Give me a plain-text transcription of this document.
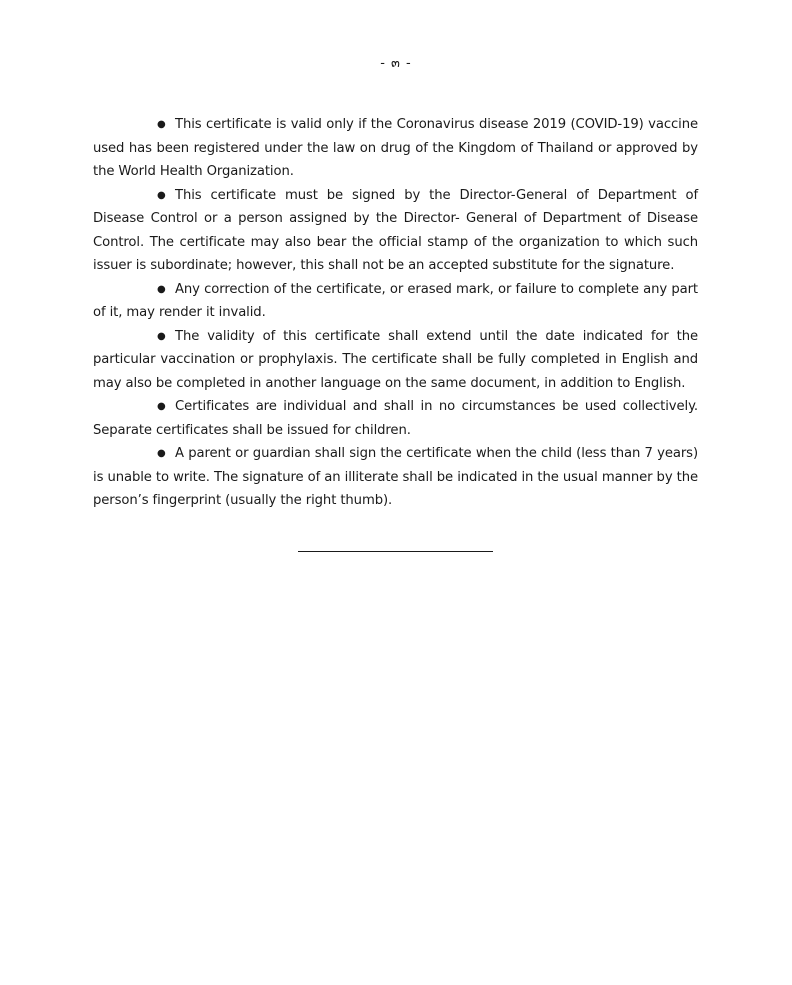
- ๓ -

● This certificate is valid only if the Coronavirus disease 2019 (COVID-19) vaccine used has been registered under the law on drug of the Kingdom of Thailand or approved by the World Health Organization.

● This certificate must be signed by the Director-General of Department of Disease Control or a person assigned by the Director- General of Department of Disease Control. The certificate may also bear the official stamp of the organization to which such issuer is subordinate; however, this shall not be an accepted substitute for the signature.

● Any correction of the certificate, or erased mark, or failure to complete any part of it, may render it invalid.

● The validity of this certificate shall extend until the date indicated for the particular vaccination or prophylaxis. The certificate shall be fully completed in English and may also be completed in another language on the same document, in addition to English.

● Certificates are individual and shall in no circumstances be used collectively. Separate certificates shall be issued for children.

● A parent or guardian shall sign the certificate when the child (less than 7 years) is unable to write. The signature of an illiterate shall be indicated in the usual manner by the person’s fingerprint (usually the right thumb).
